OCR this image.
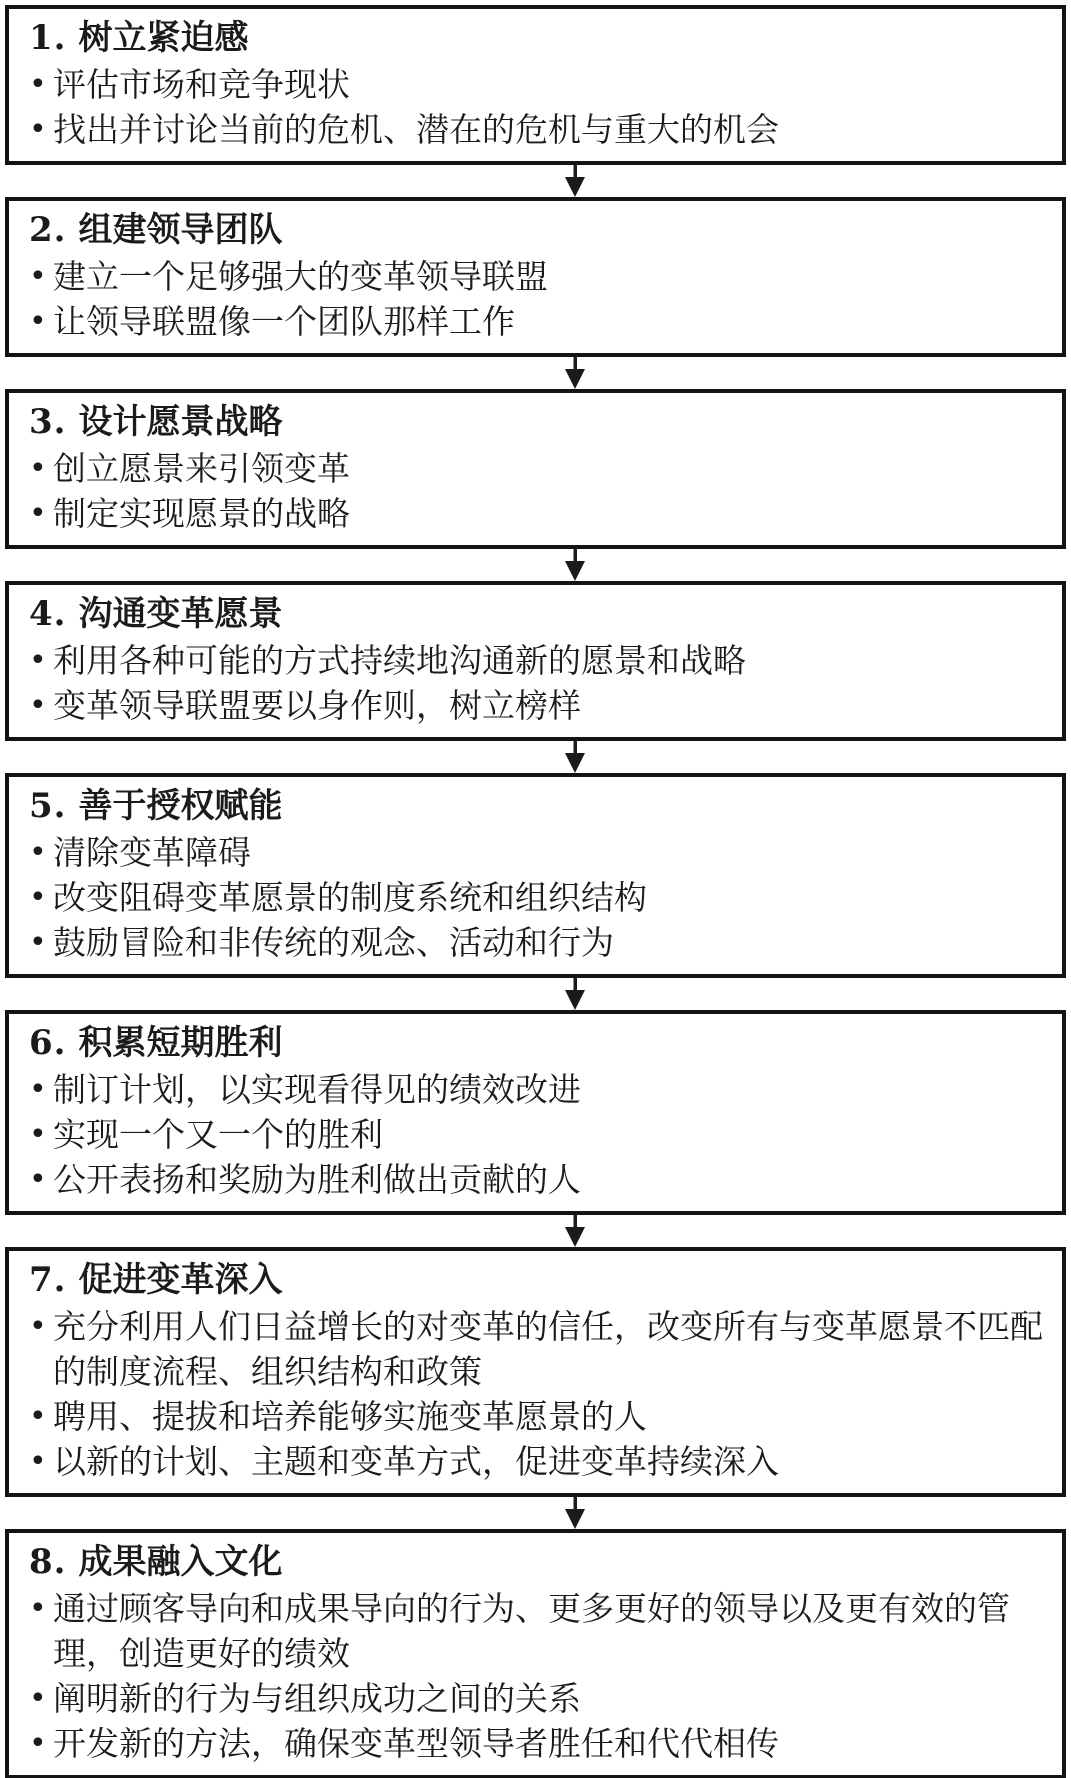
1. 树立紧迫感
• 评估市场和竞争现状
• 找出并讨论当前的危机、潜在的危机与重大的机会
2. 组建领导团队
• 建立一个足够强大的变革领导联盟
• 让领导联盟像一个团队那样工作
3. 设计愿景战略
• 创立愿景来引领变革
• 制定实现愿景的战略
4. 沟通变革愿景
• 利用各种可能的方式持续地沟通新的愿景和战略
• 变革领导联盟要以身作则，树立榜样
5. 善于授权赋能
• 清除变革障碍
• 改变阻碍变革愿景的制度系统和组织结构
• 鼓励冒险和非传统的观念、活动和行为
6. 积累短期胜利
• 制订计划，以实现看得见的绩效改进
• 实现一个又一个的胜利
• 公开表扬和奖励为胜利做出贡献的人
7. 促进变革深入
• 充分利用人们日益增长的对变革的信任，改变所有与变革愿景不匹配的制度流程、组织结构和政策
• 聘用、提拔和培养能够实施变革愿景的人
• 以新的计划、主题和变革方式，促进变革持续深入
8. 成果融入文化
• 通过顾客导向和成果导向的行为、更多更好的领导以及更有效的管理，创造更好的绩效
• 阐明新的行为与组织成功之间的关系
• 开发新的方法，确保变革型领导者胜任和代代相传
